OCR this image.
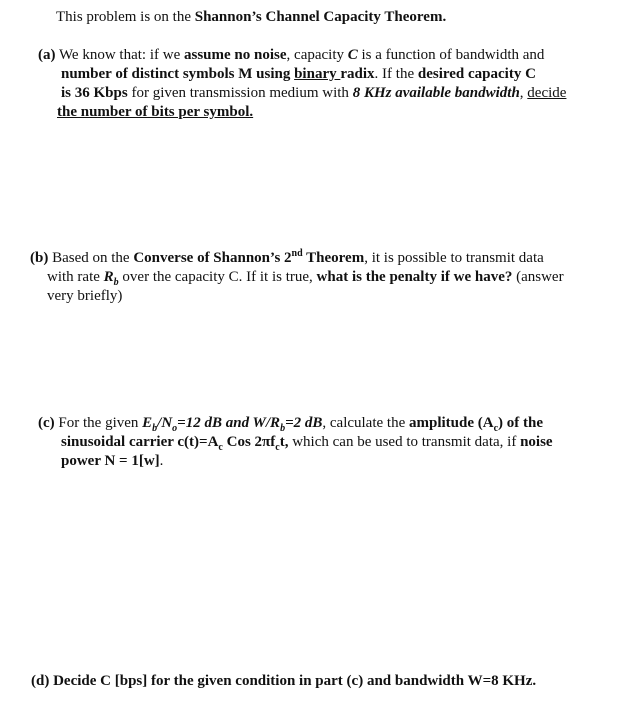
This problem is on the Shannon’s Channel Capacity Theorem.
(a) We know that: if we assume no noise, capacity C is a function of bandwidth and
number of distinct symbols M using binary radix. If the desired capacity C
is 36 Kbps for given transmission medium with 8 KHz available bandwidth, decide
the number of bits per symbol.
(b) Based on the Converse of Shannon’s 2nd Theorem, it is possible to transmit data
with rate $R_b$ over the capacity C. If it is true, what is the penalty if we have? (answer
very briefly)
(c) For the given $E_b/N_o=12$ dB and $W/R_b=2$ dB, calculate the amplitude $(A_c)$ of the
sinusoidal carrier $c(t)=A_c$ Cos $2\pi f_ct$, which can be used to transmit data, if noise
power N = 1[w].
(d) Decide C [bps] for the given condition in part (c) and bandwidth W=8 KHz.
